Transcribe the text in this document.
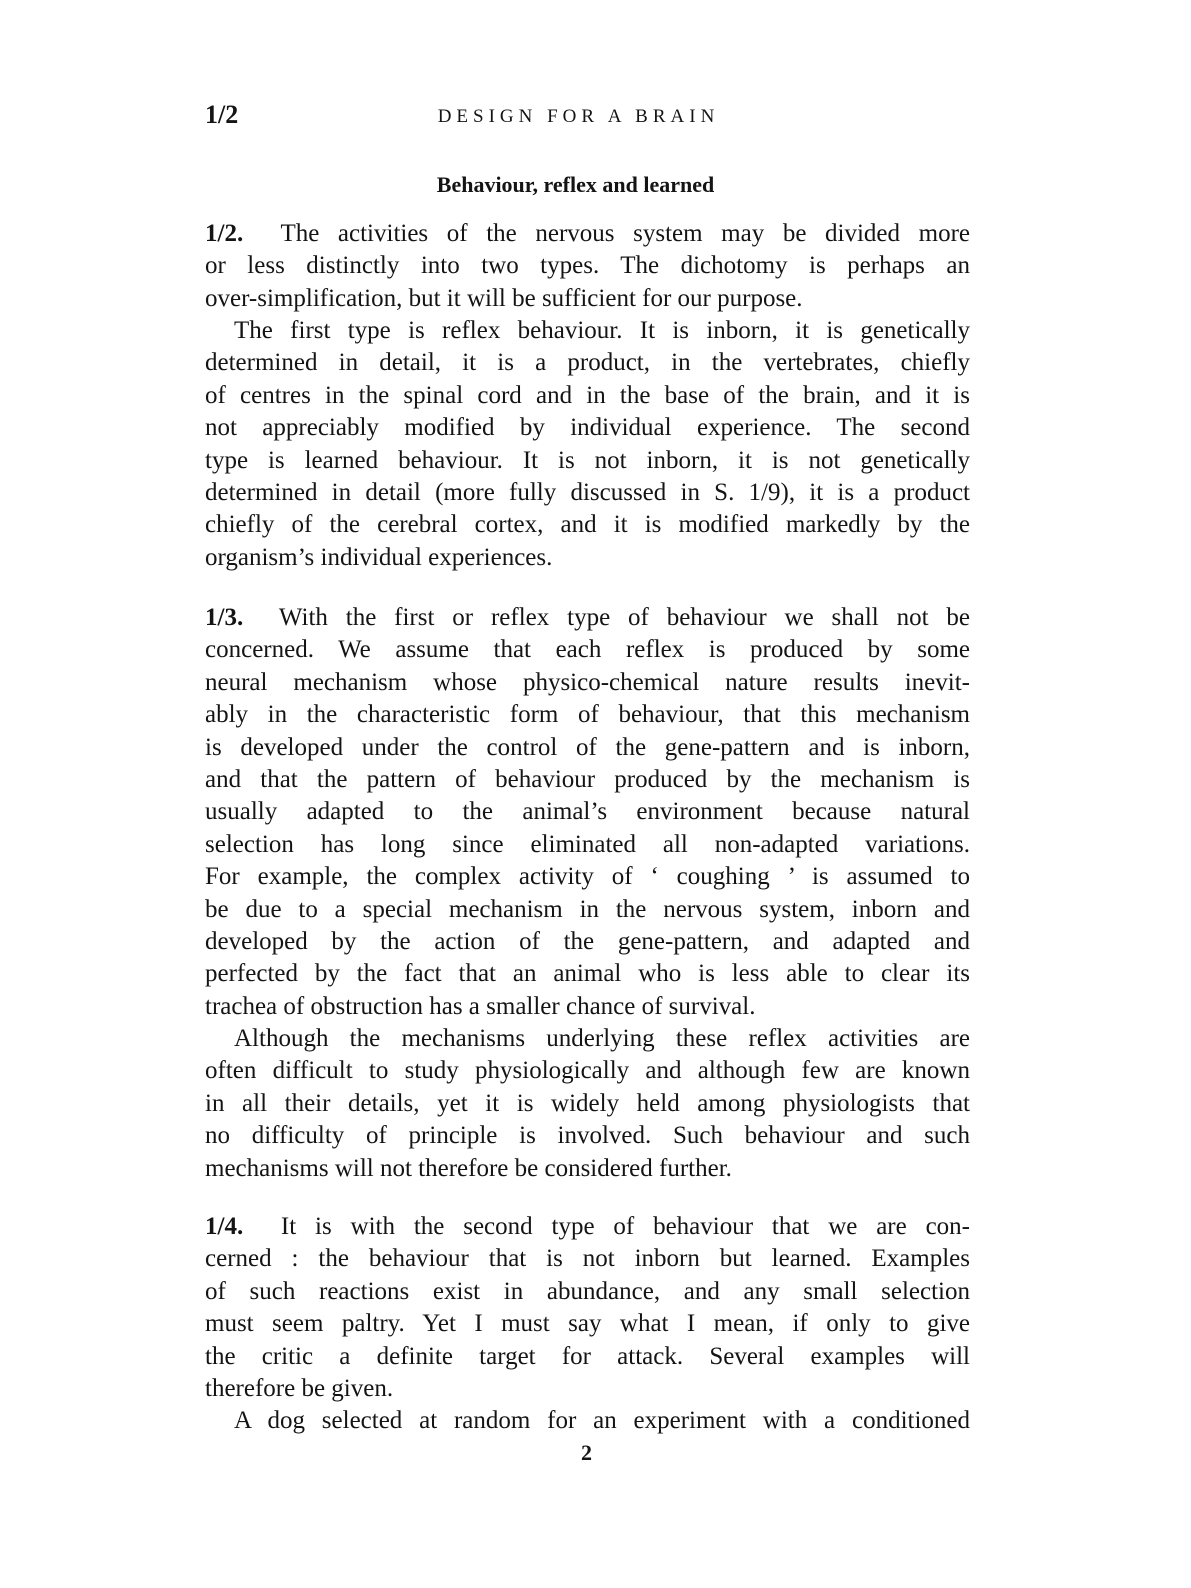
1/2	DESIGN FOR A BRAIN
Behaviour, reflex and learned
1/2. The activities of the nervous system may be divided more
or less distinctly into two types. The dichotomy is perhaps an
over-simplification, but it will be sufficient for our purpose.
The first type is reflex behaviour. It is inborn, it is genetically
determined in detail, it is a product, in the vertebrates, chiefly
of centres in the spinal cord and in the base of the brain, and it is
not appreciably modified by individual experience. The second
type is learned behaviour. It is not inborn, it is not genetically
determined in detail (more fully discussed in S. 1/9), it is a product
chiefly of the cerebral cortex, and it is modified markedly by the
organism’s individual experiences.
1/3. With the first or reflex type of behaviour we shall not be
concerned. We assume that each reflex is produced by some
neural mechanism whose physico-chemical nature results inevit-
ably in the characteristic form of behaviour, that this mechanism
is developed under the control of the gene-pattern and is inborn,
and that the pattern of behaviour produced by the mechanism is
usually adapted to the animal’s environment because natural
selection has long since eliminated all non-adapted variations.
For example, the complex activity of ‘ coughing ’ is assumed to
be due to a special mechanism in the nervous system, inborn and
developed by the action of the gene-pattern, and adapted and
perfected by the fact that an animal who is less able to clear its
trachea of obstruction has a smaller chance of survival.
Although the mechanisms underlying these reflex activities are
often difficult to study physiologically and although few are known
in all their details, yet it is widely held among physiologists that
no difficulty of principle is involved. Such behaviour and such
mechanisms will not therefore be considered further.
1/4. It is with the second type of behaviour that we are con-
cerned : the behaviour that is not inborn but learned. Examples
of such reactions exist in abundance, and any small selection
must seem paltry. Yet I must say what I mean, if only to give
the critic a definite target for attack. Several examples will
therefore be given.
A dog selected at random for an experiment with a conditioned
2
